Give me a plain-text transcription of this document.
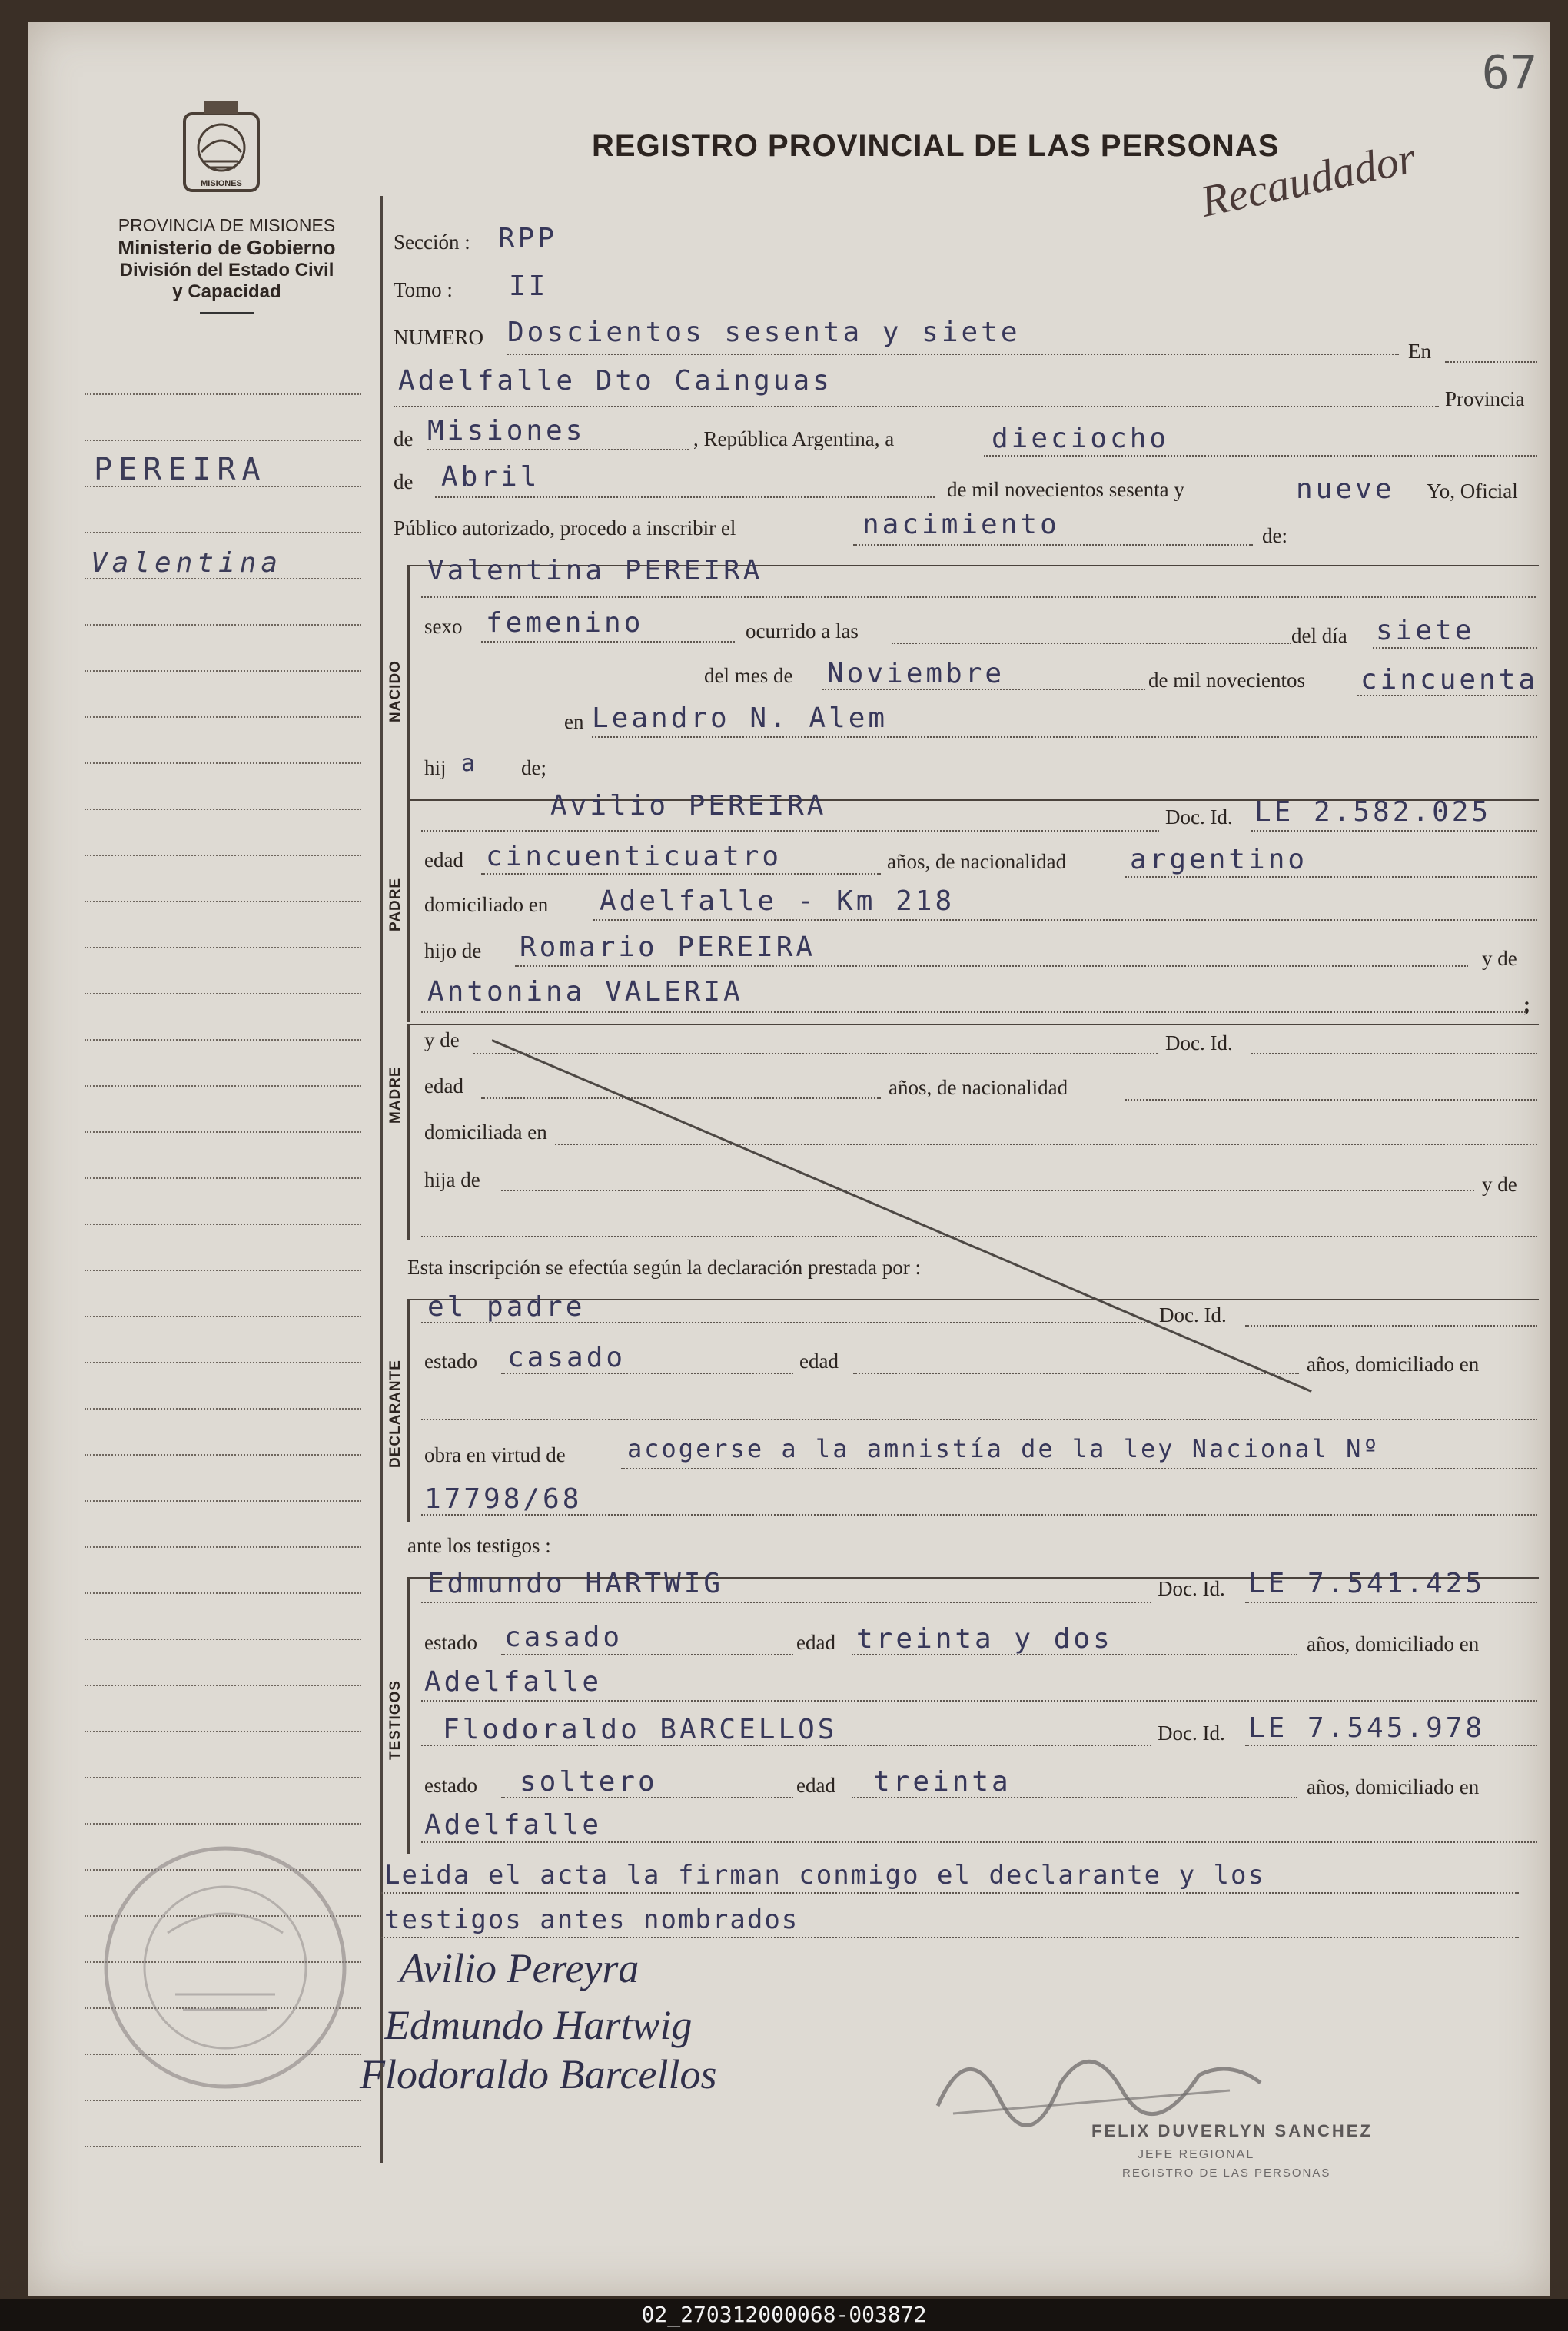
67
MISIONES
PROVINCIA DE MISIONES
Ministerio de Gobierno
División del Estado Civil
y Capacidad
REGISTRO PROVINCIAL DE LAS PERSONAS
Recaudador
PEREIRA
Valentina
Sección : RPP
Tomo : II
NUMERO Doscientos sesenta y siete
En
Adelfalle Dto Cainguas
Provincia
de Misiones	, República Argentina, a	dieciocho
de Abril	de mil novecientos sesenta y	nueve Yo, Oficial
Público autorizado, procedo a inscribir el	nacimiento	de:
NACIDO
Valentina PEREIRA
sexo femenino	ocurrido a las	del día siete
del mes de Noviembre	de mil novecientos cincuenta
en Leandro N. Alem
hij a de;
PADRE
Avilio PEREIRA	Doc. Id. LE 2.582.025
edad cincuenticuatro	años, de nacionalidad argentino
domiciliado en Adelfalle - Km 218
hijo de Romario PEREIRA	y de
Antonina VALERIA	;
MADRE
y de	Doc. Id.
edad	años, de nacionalidad
domiciliada en
hija de	y de
Esta inscripción se efectúa según la declaración prestada por :
DECLARANTE
el padre	Doc. Id.
estado casado	edad	años, domiciliado en
obra en virtud de	acogerse a la amnistía de la ley Nacional Nº
17798/68
ante los testigos :
TESTIGOS
Edmundo HARTWIG	Doc. Id. LE 7.541.425
estado casado	edad treinta y dos	años, domiciliado en
Adelfalle
Flodoraldo BARCELLOS	Doc. Id. LE 7.545.978
estado soltero	edad treinta	años, domiciliado en
Adelfalle
Leida el acta la firman conmigo el declarante y los
testigos antes nombrados
Avilio Pereyra
Edmundo Hartwig
Flodoraldo Barcellos
FELIX DUVERLYN SANCHEZ
JEFE REGIONAL
REGISTRO DE LAS PERSONAS
02_270312000068-003872
